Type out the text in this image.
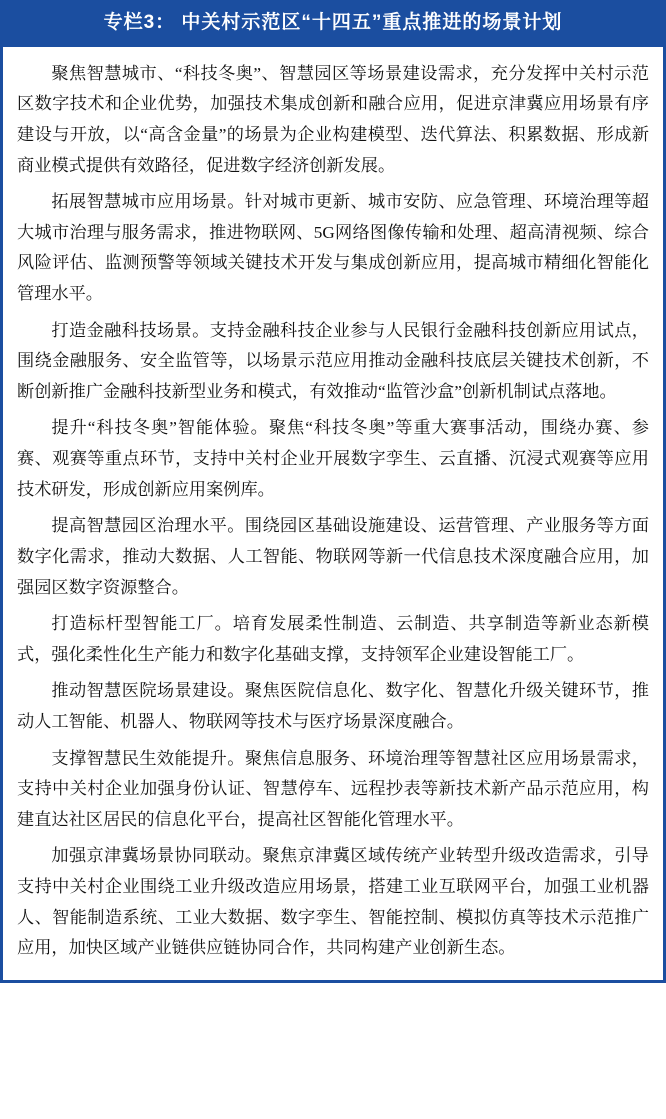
专栏3： 中关村示范区“十四五”重点推进的场景计划

聚焦智慧城市、“科技冬奥”、智慧园区等场景建设需求，充分发挥中关村示范区数字技术和企业优势，加强技术集成创新和融合应用，促进京津冀应用场景有序建设与开放，以“高含金量”的场景为企业构建模型、迭代算法、积累数据、形成新商业模式提供有效路径，促进数字经济创新发展。

拓展智慧城市应用场景。针对城市更新、城市安防、应急管理、环境治理等超大城市治理与服务需求，推进物联网、5G网络图像传输和处理、超高清视频、综合风险评估、监测预警等领域关键技术开发与集成创新应用，提高城市精细化智能化管理水平。

打造金融科技场景。支持金融科技企业参与人民银行金融科技创新应用试点，围绕金融服务、安全监管等，以场景示范应用推动金融科技底层关键技术创新，不断创新推广金融科技新型业务和模式，有效推动“监管沙盒”创新机制试点落地。

提升“科技冬奥”智能体验。聚焦“科技冬奥”等重大赛事活动，围绕办赛、参赛、观赛等重点环节，支持中关村企业开展数字孪生、云直播、沉浸式观赛等应用技术研发，形成创新应用案例库。

提高智慧园区治理水平。围绕园区基础设施建设、运营管理、产业服务等方面数字化需求，推动大数据、人工智能、物联网等新一代信息技术深度融合应用，加强园区数字资源整合。

打造标杆型智能工厂。培育发展柔性制造、云制造、共享制造等新业态新模式，强化柔性化生产能力和数字化基础支撑，支持领军企业建设智能工厂。

推动智慧医院场景建设。聚焦医院信息化、数字化、智慧化升级关键环节，推动人工智能、机器人、物联网等技术与医疗场景深度融合。

支撑智慧民生效能提升。聚焦信息服务、环境治理等智慧社区应用场景需求，支持中关村企业加强身份认证、智慧停车、远程抄表等新技术新产品示范应用，构建直达社区居民的信息化平台，提高社区智能化管理水平。

加强京津冀场景协同联动。聚焦京津冀区域传统产业转型升级改造需求，引导支持中关村企业围绕工业升级改造应用场景，搭建工业互联网平台，加强工业机器人、智能制造系统、工业大数据、数字孪生、智能控制、模拟仿真等技术示范推广应用，加快区域产业链供应链协同合作，共同构建产业创新生态。
